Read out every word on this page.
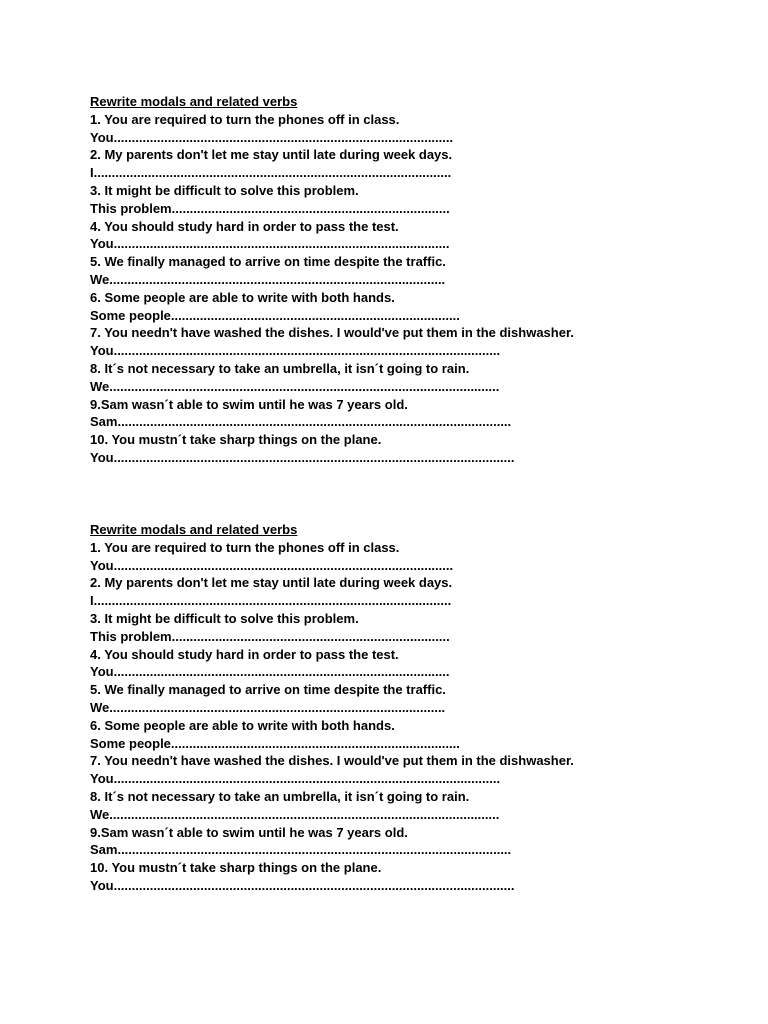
Rewrite modals and related verbs
1. You are required to turn the phones off in class.
You..............................................................................................
2. My parents don't let me stay until late during week days.
I...................................................................................................
3. It might be difficult to solve this problem.
This problem.............................................................................
4. You should study hard in order to pass the test.
You.............................................................................................
5. We finally managed to arrive on time despite the traffic.
We.............................................................................................
6. Some people are able to write with both hands.
Some people................................................................................
7. You needn't have washed the dishes. I would've put them in the dishwasher.
You...........................................................................................................
8. It´s not necessary to take an umbrella, it isn´t going to rain.
We............................................................................................................
9.Sam wasn´t able to swim until he was 7 years old.
Sam.............................................................................................................
10. You mustn´t take sharp things on the plane.
You...............................................................................................................
Rewrite modals and related verbs
1. You are required to turn the phones off in class.
You..............................................................................................
2. My parents don't let me stay until late during week days.
I...................................................................................................
3. It might be difficult to solve this problem.
This problem.............................................................................
4. You should study hard in order to pass the test.
You.............................................................................................
5. We finally managed to arrive on time despite the traffic.
We.............................................................................................
6. Some people are able to write with both hands.
Some people................................................................................
7. You needn't have washed the dishes. I would've put them in the dishwasher.
You...........................................................................................................
8. It´s not necessary to take an umbrella, it isn´t going to rain.
We............................................................................................................
9.Sam wasn´t able to swim until he was 7 years old.
Sam.............................................................................................................
10. You mustn´t take sharp things on the plane.
You...............................................................................................................
